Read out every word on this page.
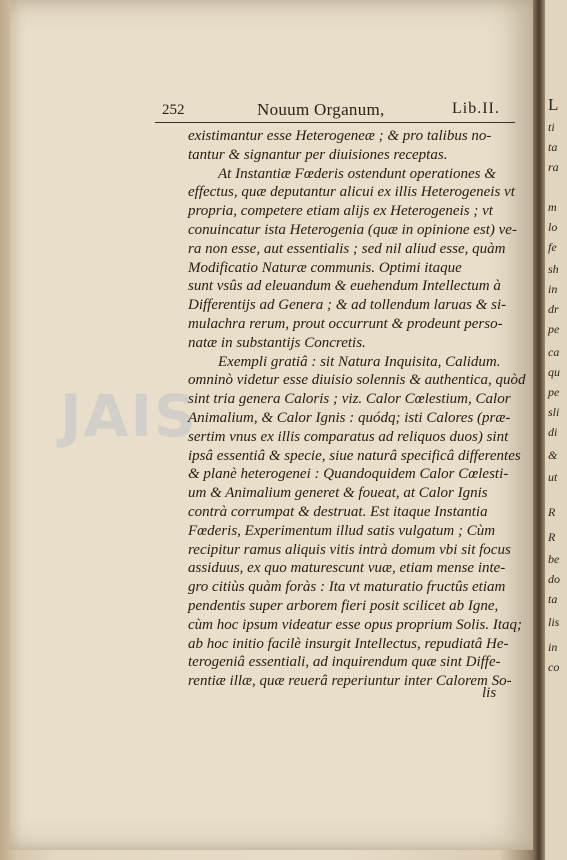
L
ti
ta
ra
m
lo
fe
sh
in
dr
pe
ca
qu
pe
sli
di
&
ut
R
R
be
do
ta
lis
in
co
252	Nouum Organum,	Lib.II.
JAIS
existimantur esse Heterogeneæ ; & pro talibus no-
tantur & signantur per diuisiones receptas.
At Instantiæ Fœderis ostendunt operationes &
effectus, quæ deputantur alicui ex illis Heterogeneis vt
propria, competere etiam alijs ex Heterogeneis ; vt
conuincatur ista Heterogenia (quæ in opinione est) ve-
ra non esse, aut essentialis ; sed nil aliud esse, quàm
Modificatio Naturæ communis. Optimi itaque
sunt vsûs ad eleuandum & euehendum Intellectum à
Differentijs ad Genera ; & ad tollendum laruas & si-
mulachra rerum, prout occurrunt & prodeunt perso-
natæ in substantijs Concretis.
Exempli gratiâ : sit Natura Inquisita, Calidum.
omninò videtur esse diuisio solennis & authentica, quòd
sint tria genera Caloris ; viz. Calor Cœlestium, Calor
Animalium, & Calor Ignis : quódq; isti Calores (præ-
sertim vnus ex illis comparatus ad reliquos duos) sint
ipsâ essentiâ & specie, siue naturâ specificâ differentes
& planè heterogenei : Quandoquidem Calor Cœlesti-
um & Animalium generet & foueat, at Calor Ignis
contrà corrumpat & destruat. Est itaque Instantia
Fœderis, Experimentum illud satis vulgatum ; Cùm
recipitur ramus aliquis vitis intrà domum vbi sit focus
assiduus, ex quo maturescunt vuæ, etiam mense inte-
gro citiùs quàm foràs : Ita vt maturatio fructûs etiam
pendentis super arborem fieri posit scilicet ab Igne,
cùm hoc ipsum videatur esse opus proprium Solis. Itaq;
ab hoc initio facilè insurgit Intellectus, repudiatâ He-
terogeniâ essentiali, ad inquirendum quæ sint Diffe-
rentiæ illæ, quæ reuerâ reperiuntur inter Calorem So-
lis
